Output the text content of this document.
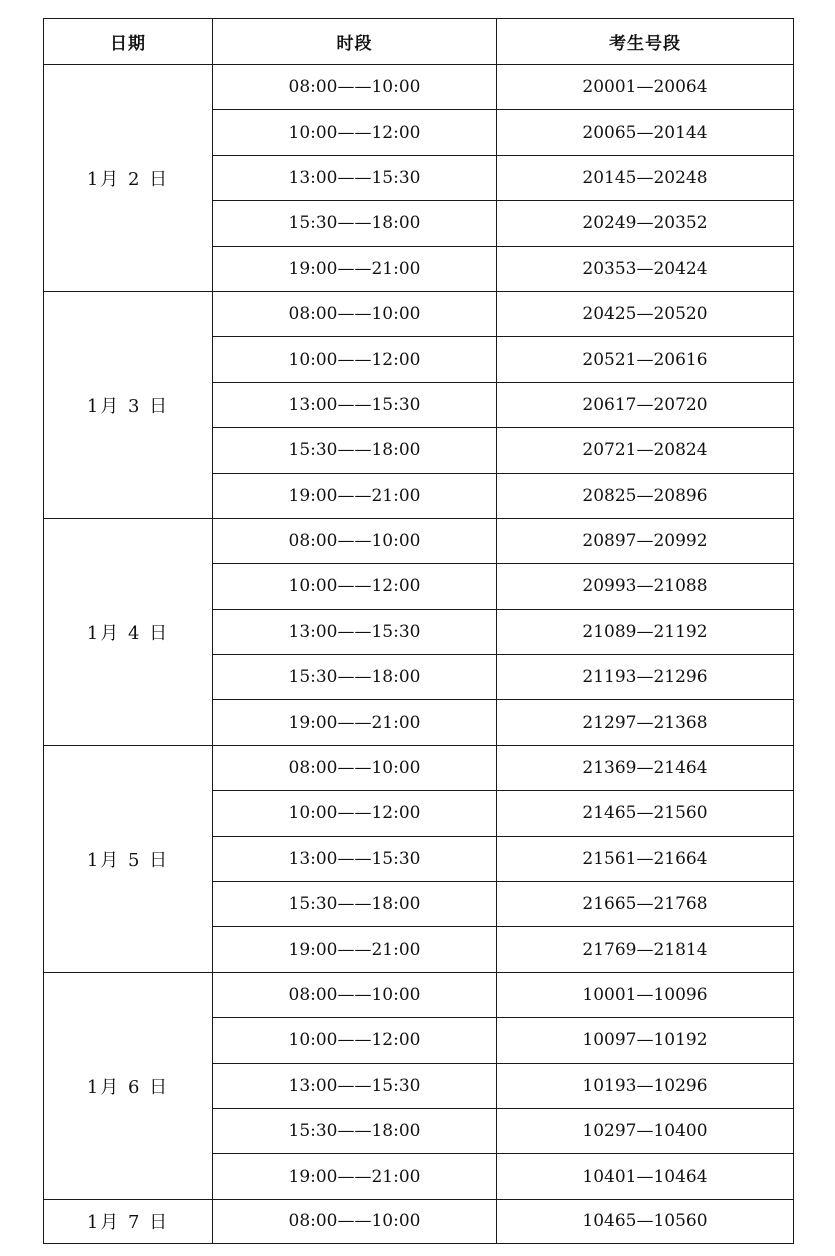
日期	时段	考生号段
1月 2 日	08:00——10:00	20001—20064
	10:00——12:00	20065—20144
	13:00——15:30	20145—20248
	15:30——18:00	20249—20352
	19:00——21:00	20353—20424
1月 3 日	08:00——10:00	20425—20520
	10:00——12:00	20521—20616
	13:00——15:30	20617—20720
	15:30——18:00	20721—20824
	19:00——21:00	20825—20896
1月 4 日	08:00——10:00	20897—20992
	10:00——12:00	20993—21088
	13:00——15:30	21089—21192
	15:30——18:00	21193—21296
	19:00——21:00	21297—21368
1月 5 日	08:00——10:00	21369—21464
	10:00——12:00	21465—21560
	13:00——15:30	21561—21664
	15:30——18:00	21665—21768
	19:00——21:00	21769—21814
1月 6 日	08:00——10:00	10001—10096
	10:00——12:00	10097—10192
	13:00——15:30	10193—10296
	15:30——18:00	10297—10400
	19:00——21:00	10401—10464
1月 7 日	08:00——10:00	10465—10560
